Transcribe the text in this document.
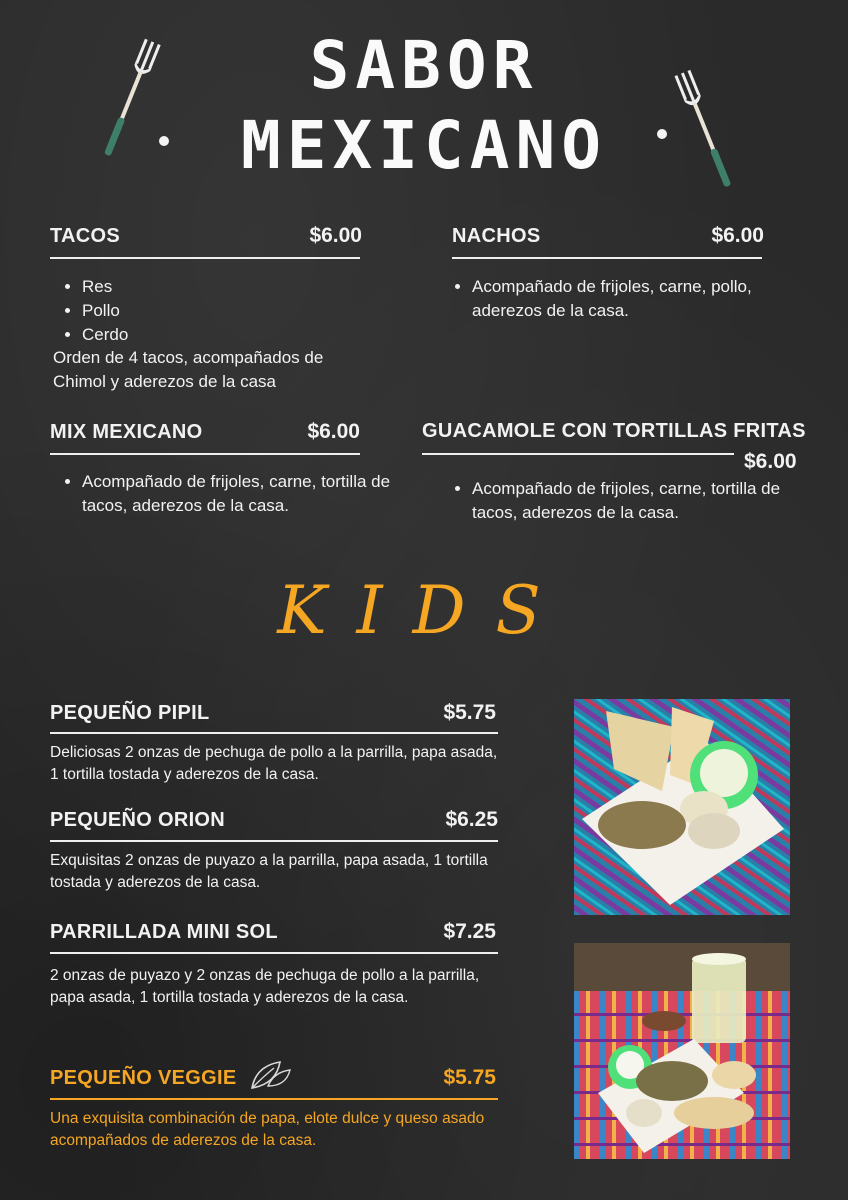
SABOR
MEXICANO
TACOS	$6.00
• Res
• Pollo
• Cerdo
Orden de 4 tacos, acompañados de Chimol y aderezos de la casa
NACHOS	$6.00
• Acompañado de frijoles, carne, pollo, aderezos de la casa.
MIX MEXICANO	$6.00
• Acompañado de frijoles, carne, tortilla de tacos, aderezos de la casa.
GUACAMOLE CON TORTILLAS FRITAS
$6.00
• Acompañado de frijoles, carne, tortilla de tacos, aderezos de la casa.
KIDS
PEQUEÑO PIPIL	$5.75
Deliciosas 2 onzas de pechuga de pollo a la parrilla, papa asada, 1 tortilla tostada y aderezos de la casa.
PEQUEÑO ORION	$6.25
Exquisitas 2 onzas de puyazo a la parrilla, papa asada, 1 tortilla tostada y aderezos de la casa.
PARRILLADA MINI SOL	$7.25
2 onzas de puyazo y 2 onzas de pechuga de pollo a la parrilla, papa asada, 1 tortilla tostada y aderezos de la casa.
PEQUEÑO VEGGIE	$5.75
Una exquisita combinación de papa, elote dulce y queso asado acompañados de aderezos de la casa.
